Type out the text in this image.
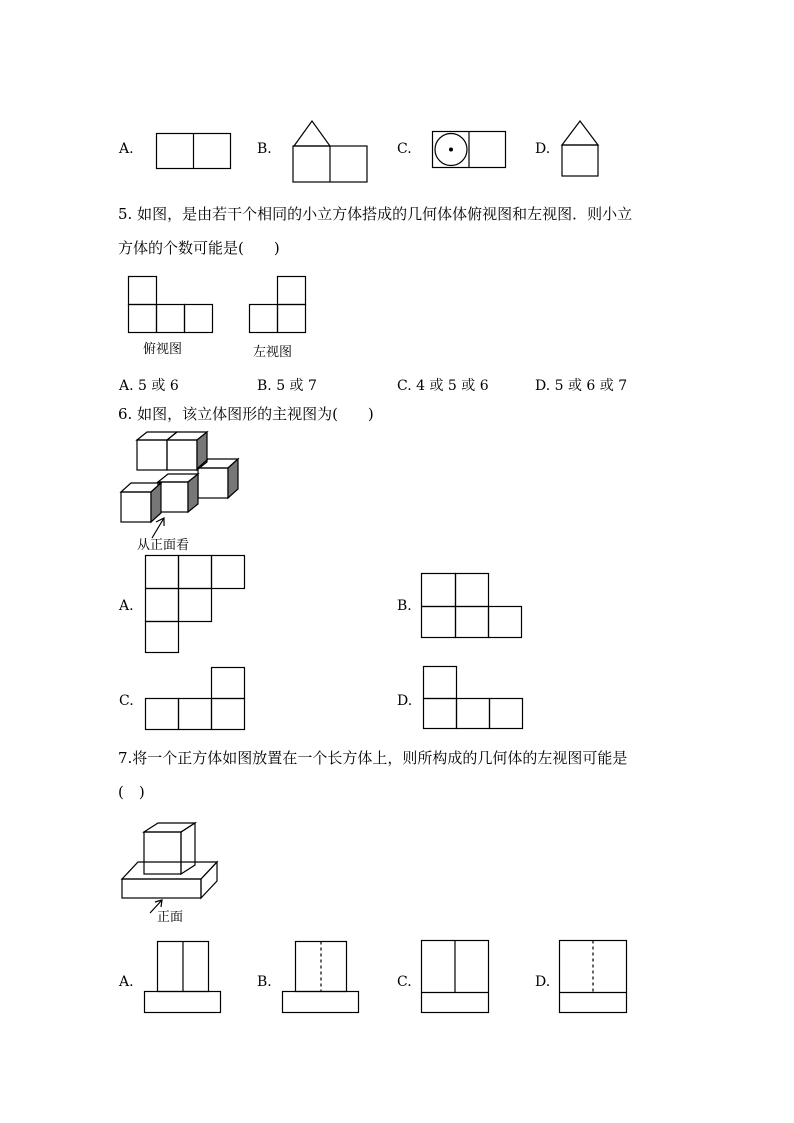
A.	B.	C.	D.
5. 如图，是由若干个相同的小立方体搭成的几何体体俯视图和左视图．则小立
方体的个数可能是(　　)
俯视图	左视图
A. 5 或 6	B. 5 或 7	C. 4 或 5 或 6	D. 5 或 6 或 7
6. 如图，该立体图形的主视图为(　　)
从正面看
A.	B.
C.	D.
7.将一个正方体如图放置在一个长方体上，则所构成的几何体的左视图可能是
(　)
正面
A.	B.	C.	D.
